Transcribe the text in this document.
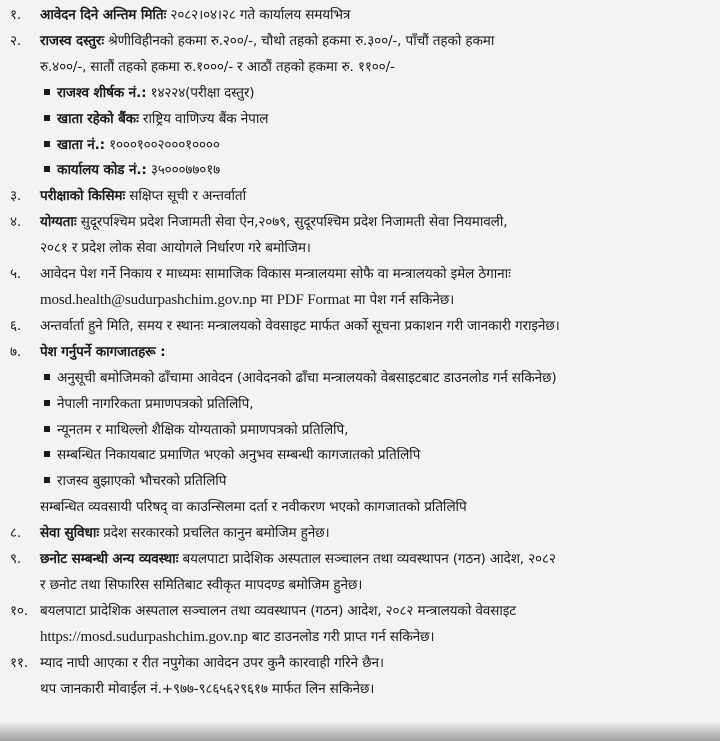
१. आवेदन दिने अन्तिम मितिः २०८२।०४।२८ गते कार्यालय समयभित्र
२. राजस्व दस्तुरः श्रेणीविहीनको हकमा रु.२००/-, चौथो तहको हकमा रु.३००/-, पाँचौं तहको हकमा
रु.४००/-, सातौं तहको हकमा रु.१०००/- र आठौं तहको हकमा रु. ११००/-
राजश्व शीर्षक नं.: १४२२४(परीक्षा दस्तुर)
खाता रहेको बैंकः राष्ट्रिय वाणिज्य बैंक नेपाल
खाता नं.: १०००१००२०००१००००
कार्यालय कोड नं.: ३५०००७७०१७
३. परीक्षाको किसिमः सक्षिप्त सूची र अन्तर्वार्ता
४. योग्यताः सुदूरपश्चिम प्रदेश निजामती सेवा ऐन,२०७९, सुदूरपश्चिम प्रदेश निजामती सेवा नियमावली,
२०८१ र प्रदेश लोक सेवा आयोगले निर्धारण गरे बमोजिम।
५. आवेदन पेश गर्ने निकाय र माध्यमः सामाजिक विकास मन्त्रालयमा सोफै वा मन्त्रालयको इमेल ठेगानाः
mosd.health@sudurpashchim.gov.np मा PDF Format मा पेश गर्न सकिनेछ।
६. अन्तर्वार्ता हुने मिति, समय र स्थानः मन्त्रालयको वेवसाइट मार्फत अर्को सूचना प्रकाशन गरी जानकारी गराइनेछ।
७. पेश गर्नुपर्ने कागजातहरू :
अनुसूची बमोजिमको ढाँचामा आवेदन (आवेदनको ढाँचा मन्त्रालयको वेबसाइटबाट डाउनलोड गर्न सकिनेछ)
नेपाली नागरिकता प्रमाणपत्रको प्रतिलिपि,
न्यूनतम र माथिल्लो शैक्षिक योग्यताको प्रमाणपत्रको प्रतिलिपि,
सम्बन्धित निकायबाट प्रमाणित भएको अनुभव सम्बन्धी कागजातको प्रतिलिपि
राजस्व बुझाएको भौचरको प्रतिलिपि
सम्बन्धित व्यवसायी परिषद् वा काउन्सिलमा दर्ता र नवीकरण भएको कागजातको प्रतिलिपि
८. सेवा सुविधाः प्रदेश सरकारको प्रचलित कानुन बमोजिम हुनेछ।
९. छनोट सम्बन्धी अन्य व्यवस्थाः बयलपाटा प्रादेशिक अस्पताल सञ्चालन तथा व्यवस्थापन (गठन) आदेश, २०८२
र छनोट तथा सिफारिस समितिबाट स्वीकृत मापदण्ड बमोजिम हुनेछ।
१०. बयलपाटा प्रादेशिक अस्पताल सञ्चालन तथा व्यवस्थापन (गठन) आदेश, २०८२ मन्त्रालयको वेवसाइट
https://mosd.sudurpashchim.gov.np बाट डाउनलोड गरी प्राप्त गर्न सकिनेछ।
११. म्याद नाघी आएका र रीत नपुगेका आवेदन उपर कुनै कारवाही गरिने छैन।
थप जानकारी मोवाईल नं.+९७७-९८६५६२९६१७ मार्फत लिन सकिनेछ।
